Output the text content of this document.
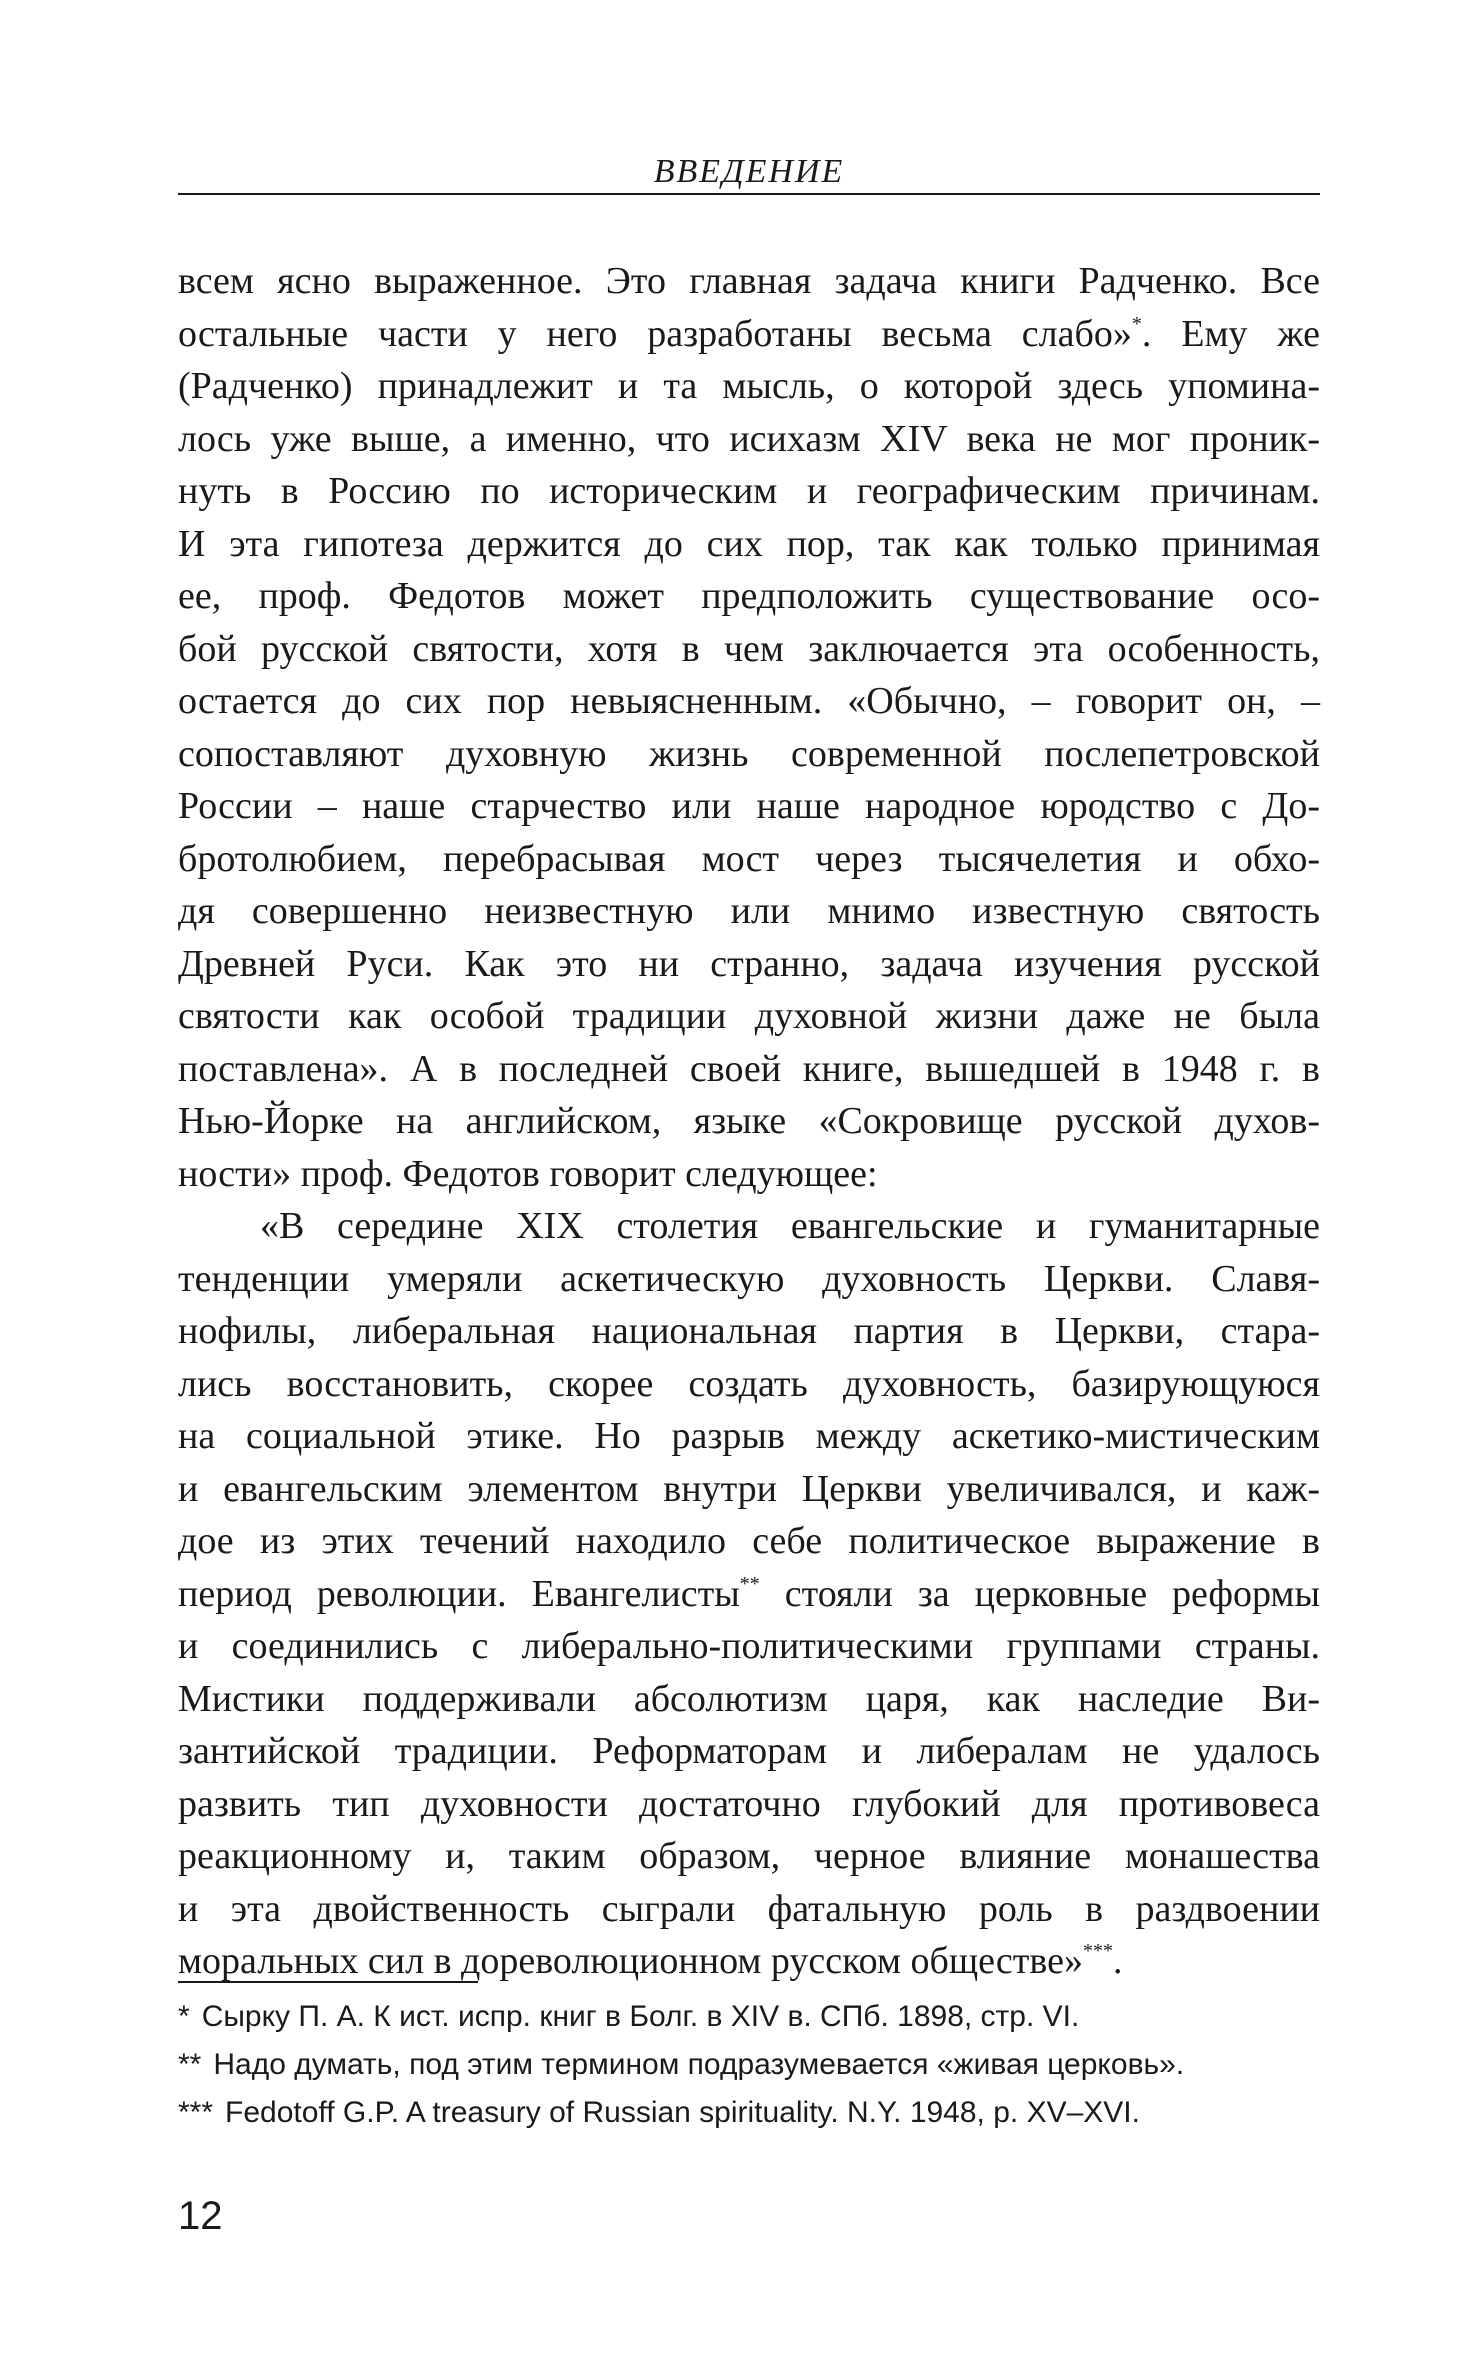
ВВЕДЕНИЕ

всем ясно выраженное. Это главная задача книги Радченко. Все
остальные части у него разработаны весьма слабо»*. Ему же
(Радченко) принадлежит и та мысль, о которой здесь упомина-
лось уже выше, а именно, что исихазм XIV века не мог проник-
нуть в Россию по историческим и географическим причинам.
И эта гипотеза держится до сих пор, так как только принимая
ее, проф. Федотов может предположить существование осо-
бой русской святости, хотя в чем заключается эта особенность,
остается до сих пор невыясненным. «Обычно, – говорит он, –
сопоставляют духовную жизнь современной послепетровской
России – наше старчество или наше народное юродство с До-
бротолюбием, перебрасывая мост через тысячелетия и обхо-
дя совершенно неизвестную или мнимо известную святость
Древней Руси. Как это ни странно, задача изучения русской
святости как особой традиции духовной жизни даже не была
поставлена». А в последней своей книге, вышедшей в 1948 г. в
Нью-Йорке на английском, языке «Сокровище русской духов-
ности» проф. Федотов говорит следующее:

«В середине XIX столетия евангельские и гуманитарные
тенденции умеряли аскетическую духовность Церкви. Славя-
нофилы, либеральная национальная партия в Церкви, стара-
лись восстановить, скорее создать духовность, базирующуюся
на социальной этике. Но разрыв между аскетико-мистическим
и евангельским элементом внутри Церкви увеличивался, и каж-
дое из этих течений находило себе политическое выражение в
период революции. Евангелисты** стояли за церковные реформы
и соединились с либерально-политическими группами страны.
Мистики поддерживали абсолютизм царя, как наследие Ви-
зантийской традиции. Реформаторам и либералам не удалось
развить тип духовности достаточно глубокий для противовеса
реакционному и, таким образом, черное влияние монашества
и эта двойственность сыграли фатальную роль в раздвоении
моральных сил в дореволюционном русском обществе»***.

* Сырку П. А. К ист. испр. книг в Болг. в XIV в. СПб. 1898, стр. VI.
** Надо думать, под этим термином подразумевается «живая церковь».
*** Fedotoff G.P. A treasury of Russian spirituality. N.Y. 1948, p. XV–XVI.
12
